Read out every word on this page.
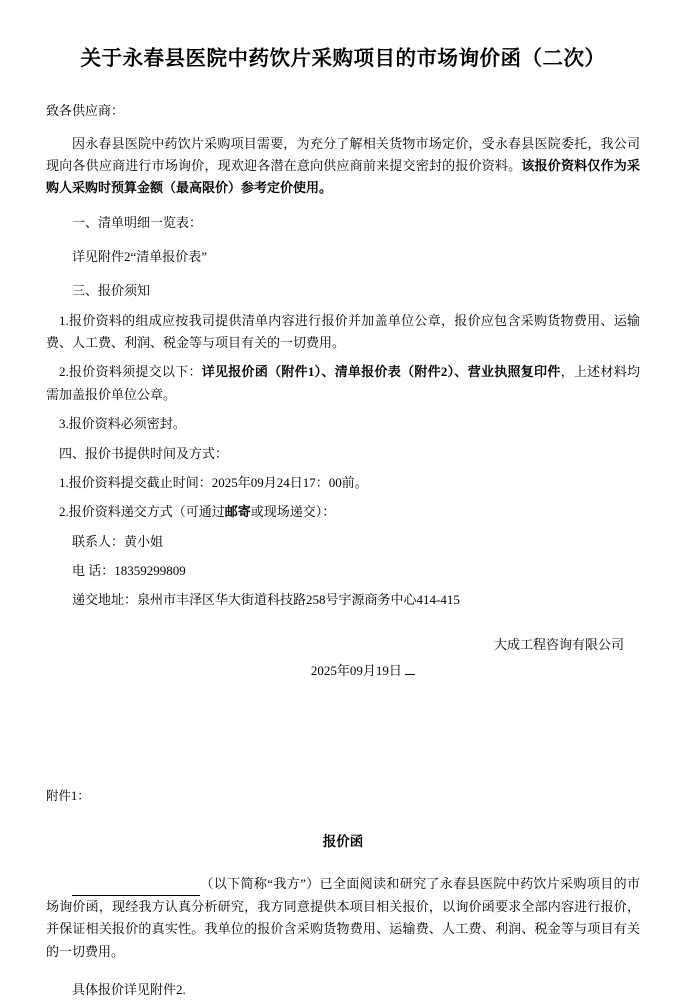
关于永春县医院中药饮片采购项目的市场询价函（二次）

致各供应商：

因永春县医院中药饮片采购项目需要，为充分了解相关货物市场定价，受永春县医院委托，我公司现向各供应商进行市场询价，现欢迎各潜在意向供应商前来提交密封的报价资料。该报价资料仅作为采购人采购时预算金额（最高限价）参考定价使用。

一、清单明细一览表：

详见附件2“清单报价表”

三、报价须知

1.报价资料的组成应按我司提供清单内容进行报价并加盖单位公章，报价应包含采购货物费用、运输费、人工费、利润、税金等与项目有关的一切费用。

2.报价资料须提交以下：详见报价函（附件1）、清单报价表（附件2）、营业执照复印件，上述材料均需加盖报价单位公章。

3.报价资料必须密封。

四、报价书提供时间及方式：

1.报价资料提交截止时间：2025年09月24日17：00前。

2.报价资料递交方式（可通过邮寄或现场递交）：

联系人：黄小姐

电 话：18359299809

递交地址：泉州市丰泽区华大街道科技路258号宇源商务中心414-415

大成工程咨询有限公司

2025年09月19日

附件1：

报价函

（以下简称“我方”）已全面阅读和研究了永春县医院中药饮片采购项目的市场询价函，现经我方认真分析研究，我方同意提供本项目相关报价，以询价函要求全部内容进行报价，并保证相关报价的真实性。我单位的报价含采购货物费用、运输费、人工费、利润、税金等与项目有关的一切费用。

具体报价详见附件2.
